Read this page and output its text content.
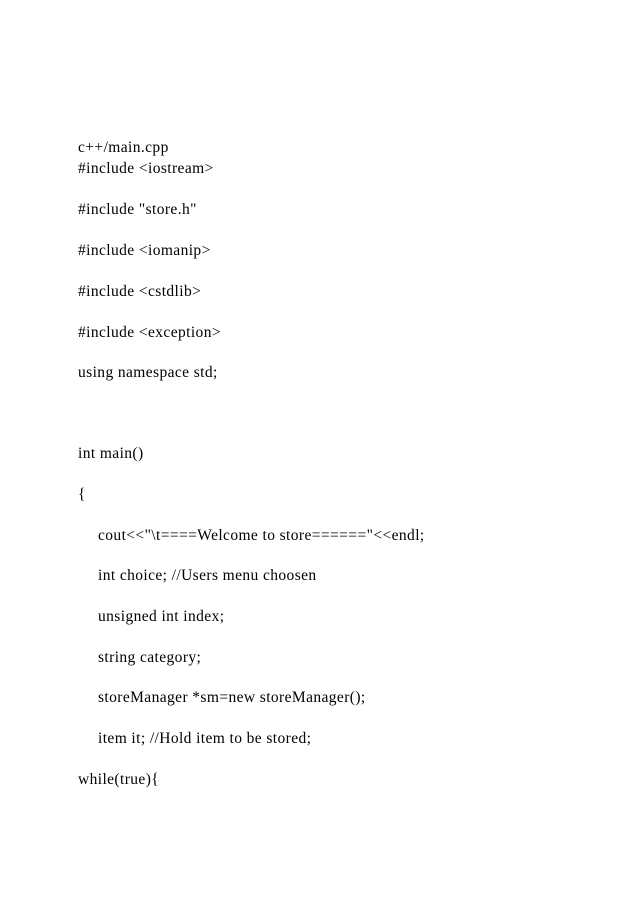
c++/main.cpp
#include <iostream>
#include "store.h"
#include <iomanip>
#include <cstdlib>
#include <exception>
using namespace std;
int main()
{
cout<<"\t====Welcome to store======"<<endl;
int choice; //Users menu choosen
unsigned int index;
string category;
storeManager *sm=new storeManager();
item it; //Hold item to be stored;
while(true){
